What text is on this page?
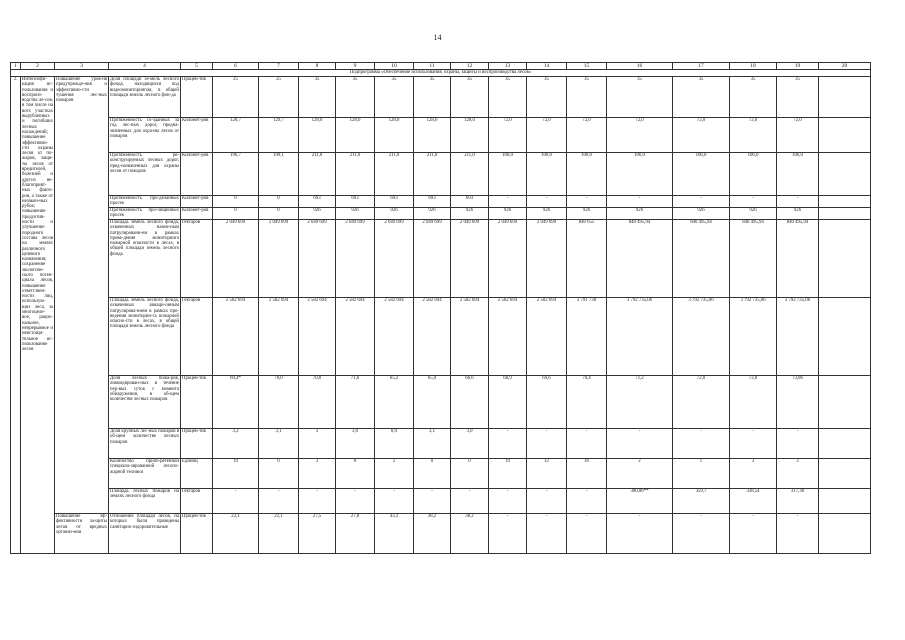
14
1	2	3	4	5	6	7	8	9	10	11	12	13	14	15	16	17	18	19	20
Подпрограмма «Обеспечение использования, охраны, защиты и воспроизводства лесов»																			
2.	Интенсифи-кация ис-пользования и воспроиз-водства ле-сов, в том числе на всех участках вырубленных и погибших лесных насаждений; повышение эффективно-сти охраны лесов от по-жаров, защи-ты лесов от вредителей, болезней и других не-благоприят-ных факто-ров, а также от незакон-ных рубок; повышение продуктив-ности и улучшение породного состава лесов на землях различного целевого назначения; сохранение экологиче-ского потен-циала лесов, повышение ответствен-ности лиц, использую-щих леса, за многоцеле-вое, рацио-нальное, непрерывное и неистощи-тельное ис-пользование лесов	Повышение уров-ня предупрежде-ния и эффективно-сти тушения лес-ных пожаров	Доля площади зе-мель лесного фонда, находящихся под видеомониторингом, в общей площади земель лесного фон-да	Процен-тов	25	25	35	35	35	35	35	35	35	35	35	35	35	35	
			Протяженность со-зданных за год лес-ных дорог, предна-значенных для охра-ны лесов от пожаров	Километ-ров	128,7	129,7	128,0	128,0	128,0	128,0	128,0	72,0	72,0	72,0	72,0	72,0	72,0	72,0	
			Протяженность ре-конструируемых лесных дорог, пред-назначенных для охраны лесов от пожаров	Километ-ров	196,7	199,1	211,0	211,0	211,0	211,0	211,0	106,0	106,0	106,0	106,0	106,0	106,0	106,0	
			Протяженность про-деланных просек	Километ-ров	0	0	693	693	693	693	693	-	-	-	-	-	-	-	
			Протяженность про-чищенных просек	Километ-ров	0	0	926	926	926	926	926	926	926	926	926	926	926	926	
			Площадь земель лесного фонда, охваченных назем-ным патрулировани-ем в рамках прове-дения мониторинга пожарной опасности в лесах, в общей площади земель лесного фонда	Гектаров	2 049 699	2 049 699	2 049 699	2 049 699	2 049 699	2 049 699	2 049 699	2 049 699	2 049 699	840 655	840 495,94	840 495,94	840 495,94	840 495,94	
			Площадь земель лесного фонда, охваченных авиаци-онным патрулирова-нием в рамках про-ведения мониторин-га пожарной опасно-сти в лесах, в общей площади земель лесного фонда	Гектаров	2 582 694	2 582 694	2 582 694	2 582 694	2 582 694	2 582 694	2 582 694	2 582 694	2 582 694	3 791 738	3 792 735,06	3 792 735,06	3 792 735,06	3 792 735,06	
			Доля лесных пожа-ров, ликвидирован-ных в течение пер-вых суток с момента обнаружения, в об-щем количестве лесных пожаров	Процен-тов	69,4*	70,0	70,8	71,6	65,2	65,9	66,6	68,9	69,6	70,4	71,2	72,0	72,8	73,86	
			Доля крупных лес-ных пожаров в об-щем количестве лесных пожаров	Процен-тов	3,2	3,1	3	3,0	8,9	3,1	3,0	-	-	-	-	-	-	-	
			Количество приоб-ретенной специали-зированной лесопо-жарной техники	Единиц	19	0	3	0	2	0	0	19	12	16	2	1	3	3	
			Площадь лесных пожаров на землях лесного фонда	Гектаров	-	-	-	-	-	-	-	-	-	-	380,86**	359,7	338,54	317,38	
		Повышение эф-фективности за-щиты лесов от вредных организ-мов	Отношение площади лесов, на которых были проведены санитарно-оздоровительные	Процен-тов	22,1	22,1	27,5	27,8	43,3	38,2	38,2	-	-	-	-	-	-	-	
